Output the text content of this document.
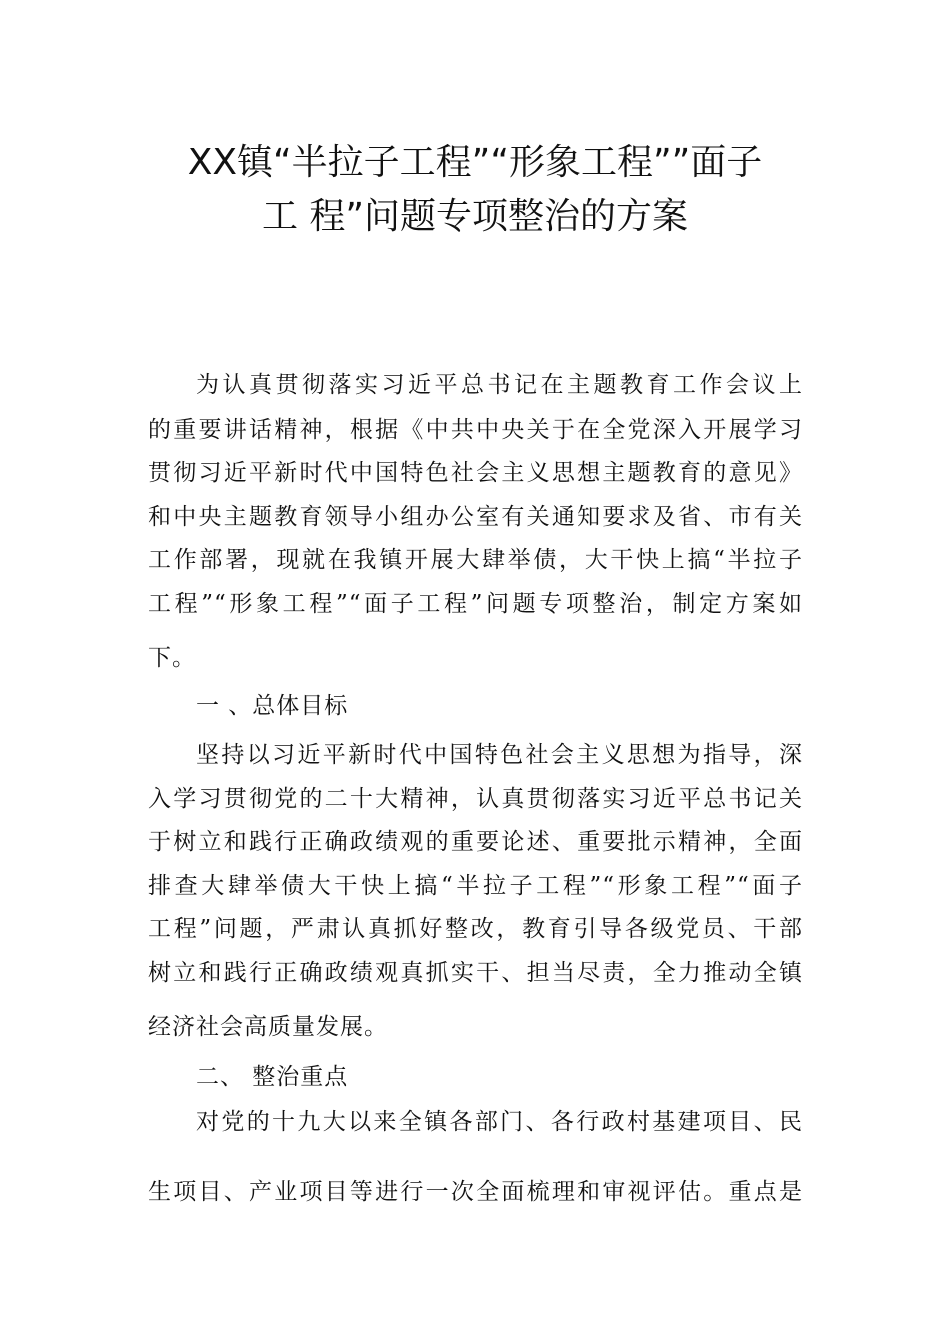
XX镇“半拉子工程”“形象工程””面子
工 程”问题专项整治的方案
为认真贯彻落实习近平总书记在主题教育工作会议上
的重要讲话精神，根据《中共中央关于在全党深入开展学习
贯彻习近平新时代中国特色社会主义思想主题教育的意见》
和中央主题教育领导小组办公室有关通知要求及省、市有关
工作部署，现就在我镇开展大肆举债，大干快上搞“半拉子
工程”“形象工程”“面子工程”问题专项整治，制定方案如
下。
一 、总体目标
坚持以习近平新时代中国特色社会主义思想为指导，深
入学习贯彻党的二十大精神，认真贯彻落实习近平总书记关
于树立和践行正确政绩观的重要论述、重要批示精神，全面
排查大肆举债大干快上搞“半拉子工程”“形象工程”“面子
工程”问题，严肃认真抓好整改，教育引导各级党员、干部
树立和践行正确政绩观真抓实干、担当尽责，全力推动全镇
经济社会高质量发展。
二、 整治重点
对党的十九大以来全镇各部门、各行政村基建项目、民
生项目、产业项目等进行一次全面梳理和审视评估。重点是
